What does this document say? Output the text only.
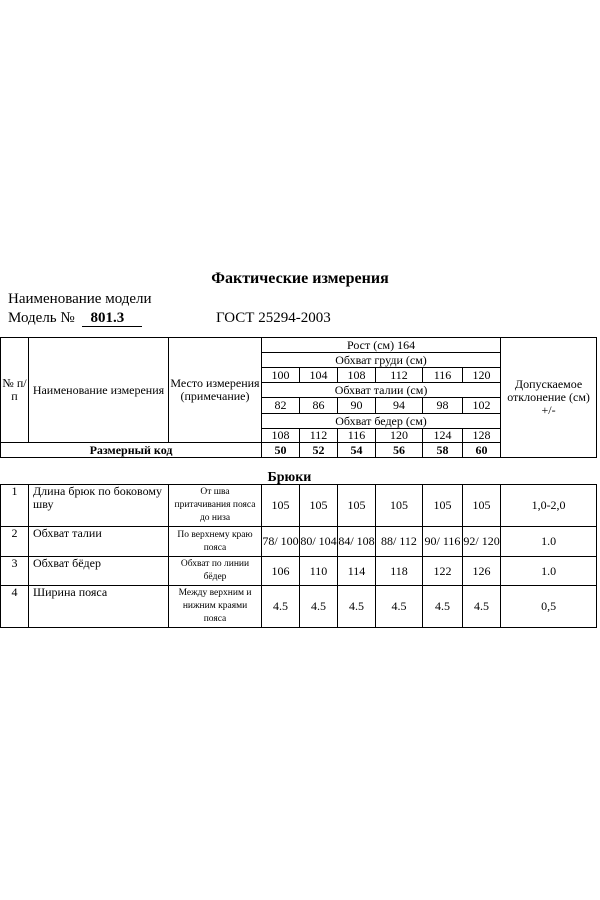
Фактические измерения
Наименование модели
Модель № 801.3	ГОСТ 25294-2003
№ п/ п	Наименование измерения	Место измерения (примечание)	Рост (см) 164						Допускаемое отклонение (см) +/-
			Обхват груди (см)						
			100	104	108	112	116	120	
			Обхват талии (см)						
			82	86	90	94	98	102	
			Обхват бедер (см)						
			108	112	116	120	124	128	
Размерный код			50	52	54	56	58	60	
			Брюки						
1	Длина брюк по боковому шву	От шва притачивания пояса до низа	105	105	105	105	105	105	1,0-2,0
2	Обхват талии	По верхнему краю пояса	78/ 100	80/ 104	84/ 108	88/ 112	90/ 116	92/ 120	1.0
3	Обхват бёдер	Обхват по линии бёдер	106	110	114	118	122	126	1.0
4	Ширина пояса	Между верхним и нижним краями пояса	4.5	4.5	4.5	4.5	4.5	4.5	0,5
